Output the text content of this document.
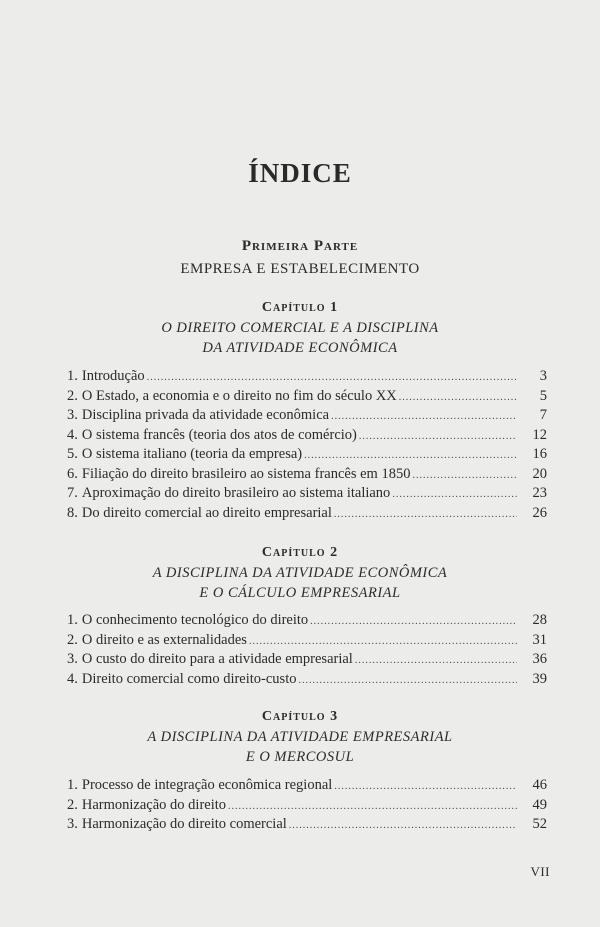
ÍNDICE
Primeira Parte
EMPRESA E ESTABELECIMENTO
Capítulo 1
O DIREITO COMERCIAL E A DISCIPLINA
DA ATIVIDADE ECONÔMICA
1. Introdução .....	3
2. O Estado, a economia e o direito no fim do século XX .....	5
3. Disciplina privada da atividade econômica .....	7
4. O sistema francês (teoria dos atos de comércio) .....	12
5. O sistema italiano (teoria da empresa) .....	16
6. Filiação do direito brasileiro ao sistema francês em 1850 .....	20
7. Aproximação do direito brasileiro ao sistema italiano .....	23
8. Do direito comercial ao direito empresarial .....	26
Capítulo 2
A DISCIPLINA DA ATIVIDADE ECONÔMICA
E O CÁLCULO EMPRESARIAL
1. O conhecimento tecnológico do direito .....	28
2. O direito e as externalidades .....	31
3. O custo do direito para a atividade empresarial .....	36
4. Direito comercial como direito-custo .....	39
Capítulo 3
A DISCIPLINA DA ATIVIDADE EMPRESARIAL
E O MERCOSUL
1. Processo de integração econômica regional .....	46
2. Harmonização do direito .....	49
3. Harmonização do direito comercial .....	52
VII
